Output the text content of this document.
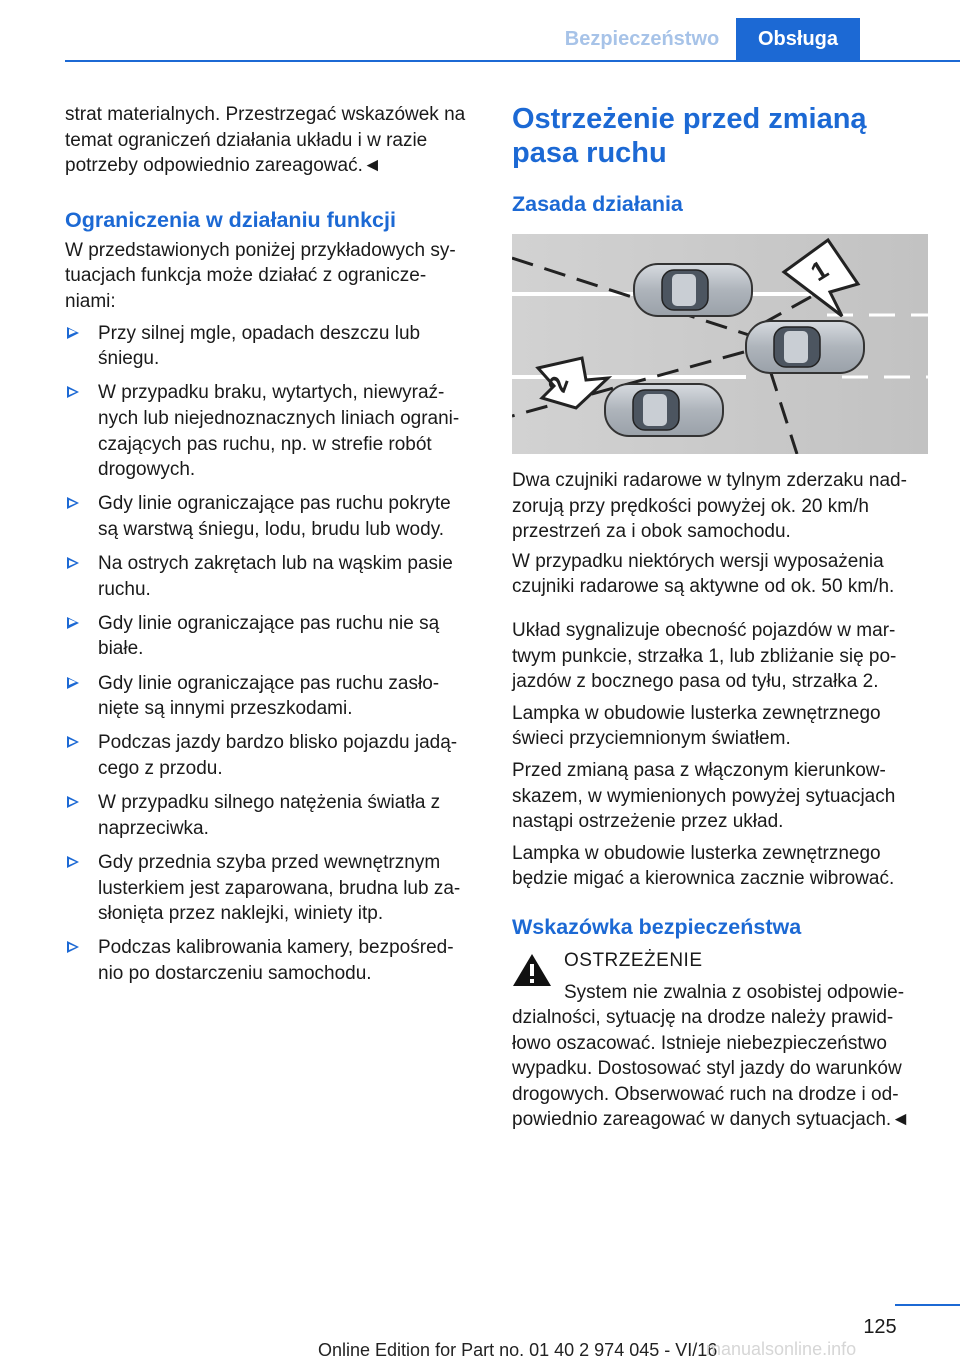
Bezpieczeństwo	Obsługa

strat materialnych. Przestrzegać wskazówek na temat ograniczeń działania układu i w razie potrzeby odpowiednio zareagować.◄

Ograniczenia w działaniu funkcji

W przedstawionych poniżej przykładowych sy‐tuacjach funkcja może działać z ogranicze‐niami:

Przy silnej mgle, opadach deszczu lub śniegu.
W przypadku braku, wytartych, niewyraź‐nych lub niejednoznacznych liniach ograni‐czających pas ruchu, np. w strefie robót drogowych.
Gdy linie ograniczające pas ruchu pokryte są warstwą śniegu, lodu, brudu lub wody.
Na ostrych zakrętach lub na wąskim pasie ruchu.
Gdy linie ograniczające pas ruchu nie są białe.
Gdy linie ograniczające pas ruchu zasło‐nięte są innymi przeszkodami.
Podczas jazdy bardzo blisko pojazdu jadą‐cego z przodu.
W przypadku silnego natężenia światła z naprzeciwka.
Gdy przednia szyba przed wewnętrznym lusterkiem jest zaparowana, brudna lub za‐słonięta przez naklejki, winiety itp.
Podczas kalibrowania kamery, bezpośred‐nio po dostarczeniu samochodu.
Ostrzeżenie przed zmianą pasa ruchu
Zasada działania
1
2

Dwa czujniki radarowe w tylnym zderzaku nad‐zorują przy prędkości powyżej ok. 20 km/h przestrzeń za i obok samochodu.

W przypadku niektórych wersji wyposażenia czujniki radarowe są aktywne od ok. 50 km/h.

Układ sygnalizuje obecność pojazdów w mar‐twym punkcie, strzałka 1, lub zbliżanie się po‐jazdów z bocznego pasa od tyłu, strzałka 2.

Lampka w obudowie lusterka zewnętrznego świeci przyciemnionym światłem.

Przed zmianą pasa z włączonym kierunkow‐skazem, w wymienionych powyżej sytuacjach nastąpi ostrzeżenie przez układ.

Lampka w obudowie lusterka zewnętrznego będzie migać a kierownica zacznie wibrować.

Wskazówka bezpieczeństwa
OSTRZEŻENIE

System nie zwalnia z osobistej odpowie‐dzialności, sytuację na drodze należy prawid‐łowo oszacować. Istnieje niebezpieczeństwo wypadku. Dostosować styl jazdy do warunków drogowych. Obserwować ruch na drodze i od‐powiednio zareagować w danych sytuacjach.◄

125
Online Edition for Part no. 01 40 2 974 045 - VI/16
manualsonline.info
